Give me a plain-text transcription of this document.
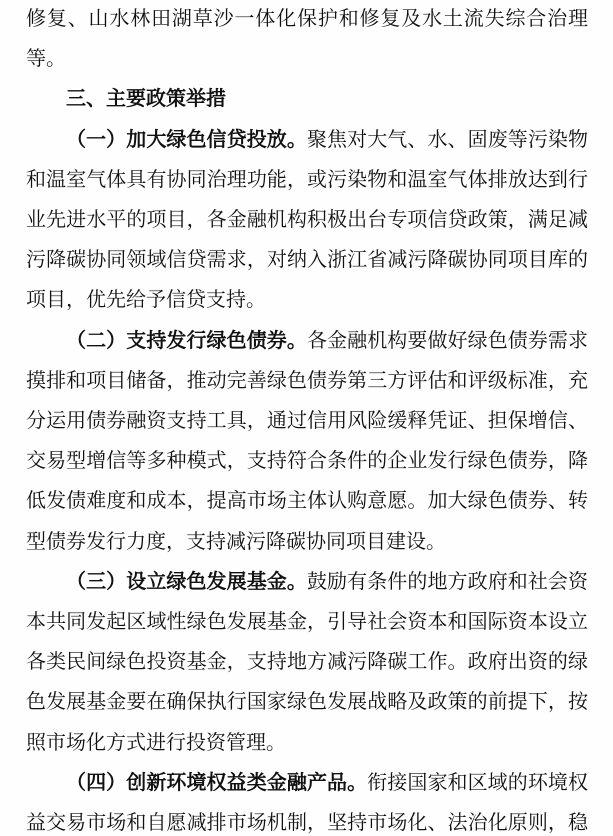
修复、山水林田湖草沙一体化保护和修复及水土流失综合治理
等。
三、主要政策举措
（一）加大绿色信贷投放。聚焦对大气、水、固废等污染物
和温室气体具有协同治理功能，或污染物和温室气体排放达到行
业先进水平的项目，各金融机构积极出台专项信贷政策，满足减
污降碳协同领域信贷需求，对纳入浙江省减污降碳协同项目库的
项目，优先给予信贷支持。
（二）支持发行绿色债券。各金融机构要做好绿色债券需求
摸排和项目储备，推动完善绿色债券第三方评估和评级标准，充
分运用债券融资支持工具，通过信用风险缓释凭证、担保增信、
交易型增信等多种模式，支持符合条件的企业发行绿色债券，降
低发债难度和成本，提高市场主体认购意愿。加大绿色债券、转
型债券发行力度，支持减污降碳协同项目建设。
（三）设立绿色发展基金。鼓励有条件的地方政府和社会资
本共同发起区域性绿色发展基金，引导社会资本和国际资本设立
各类民间绿色投资基金，支持地方减污降碳工作。政府出资的绿
色发展基金要在确保执行国家绿色发展战略及政策的前提下，按
照市场化方式进行投资管理。
（四）创新环境权益类金融产品。衔接国家和区域的环境权
益交易市场和自愿减排市场机制，坚持市场化、法治化原则，稳
